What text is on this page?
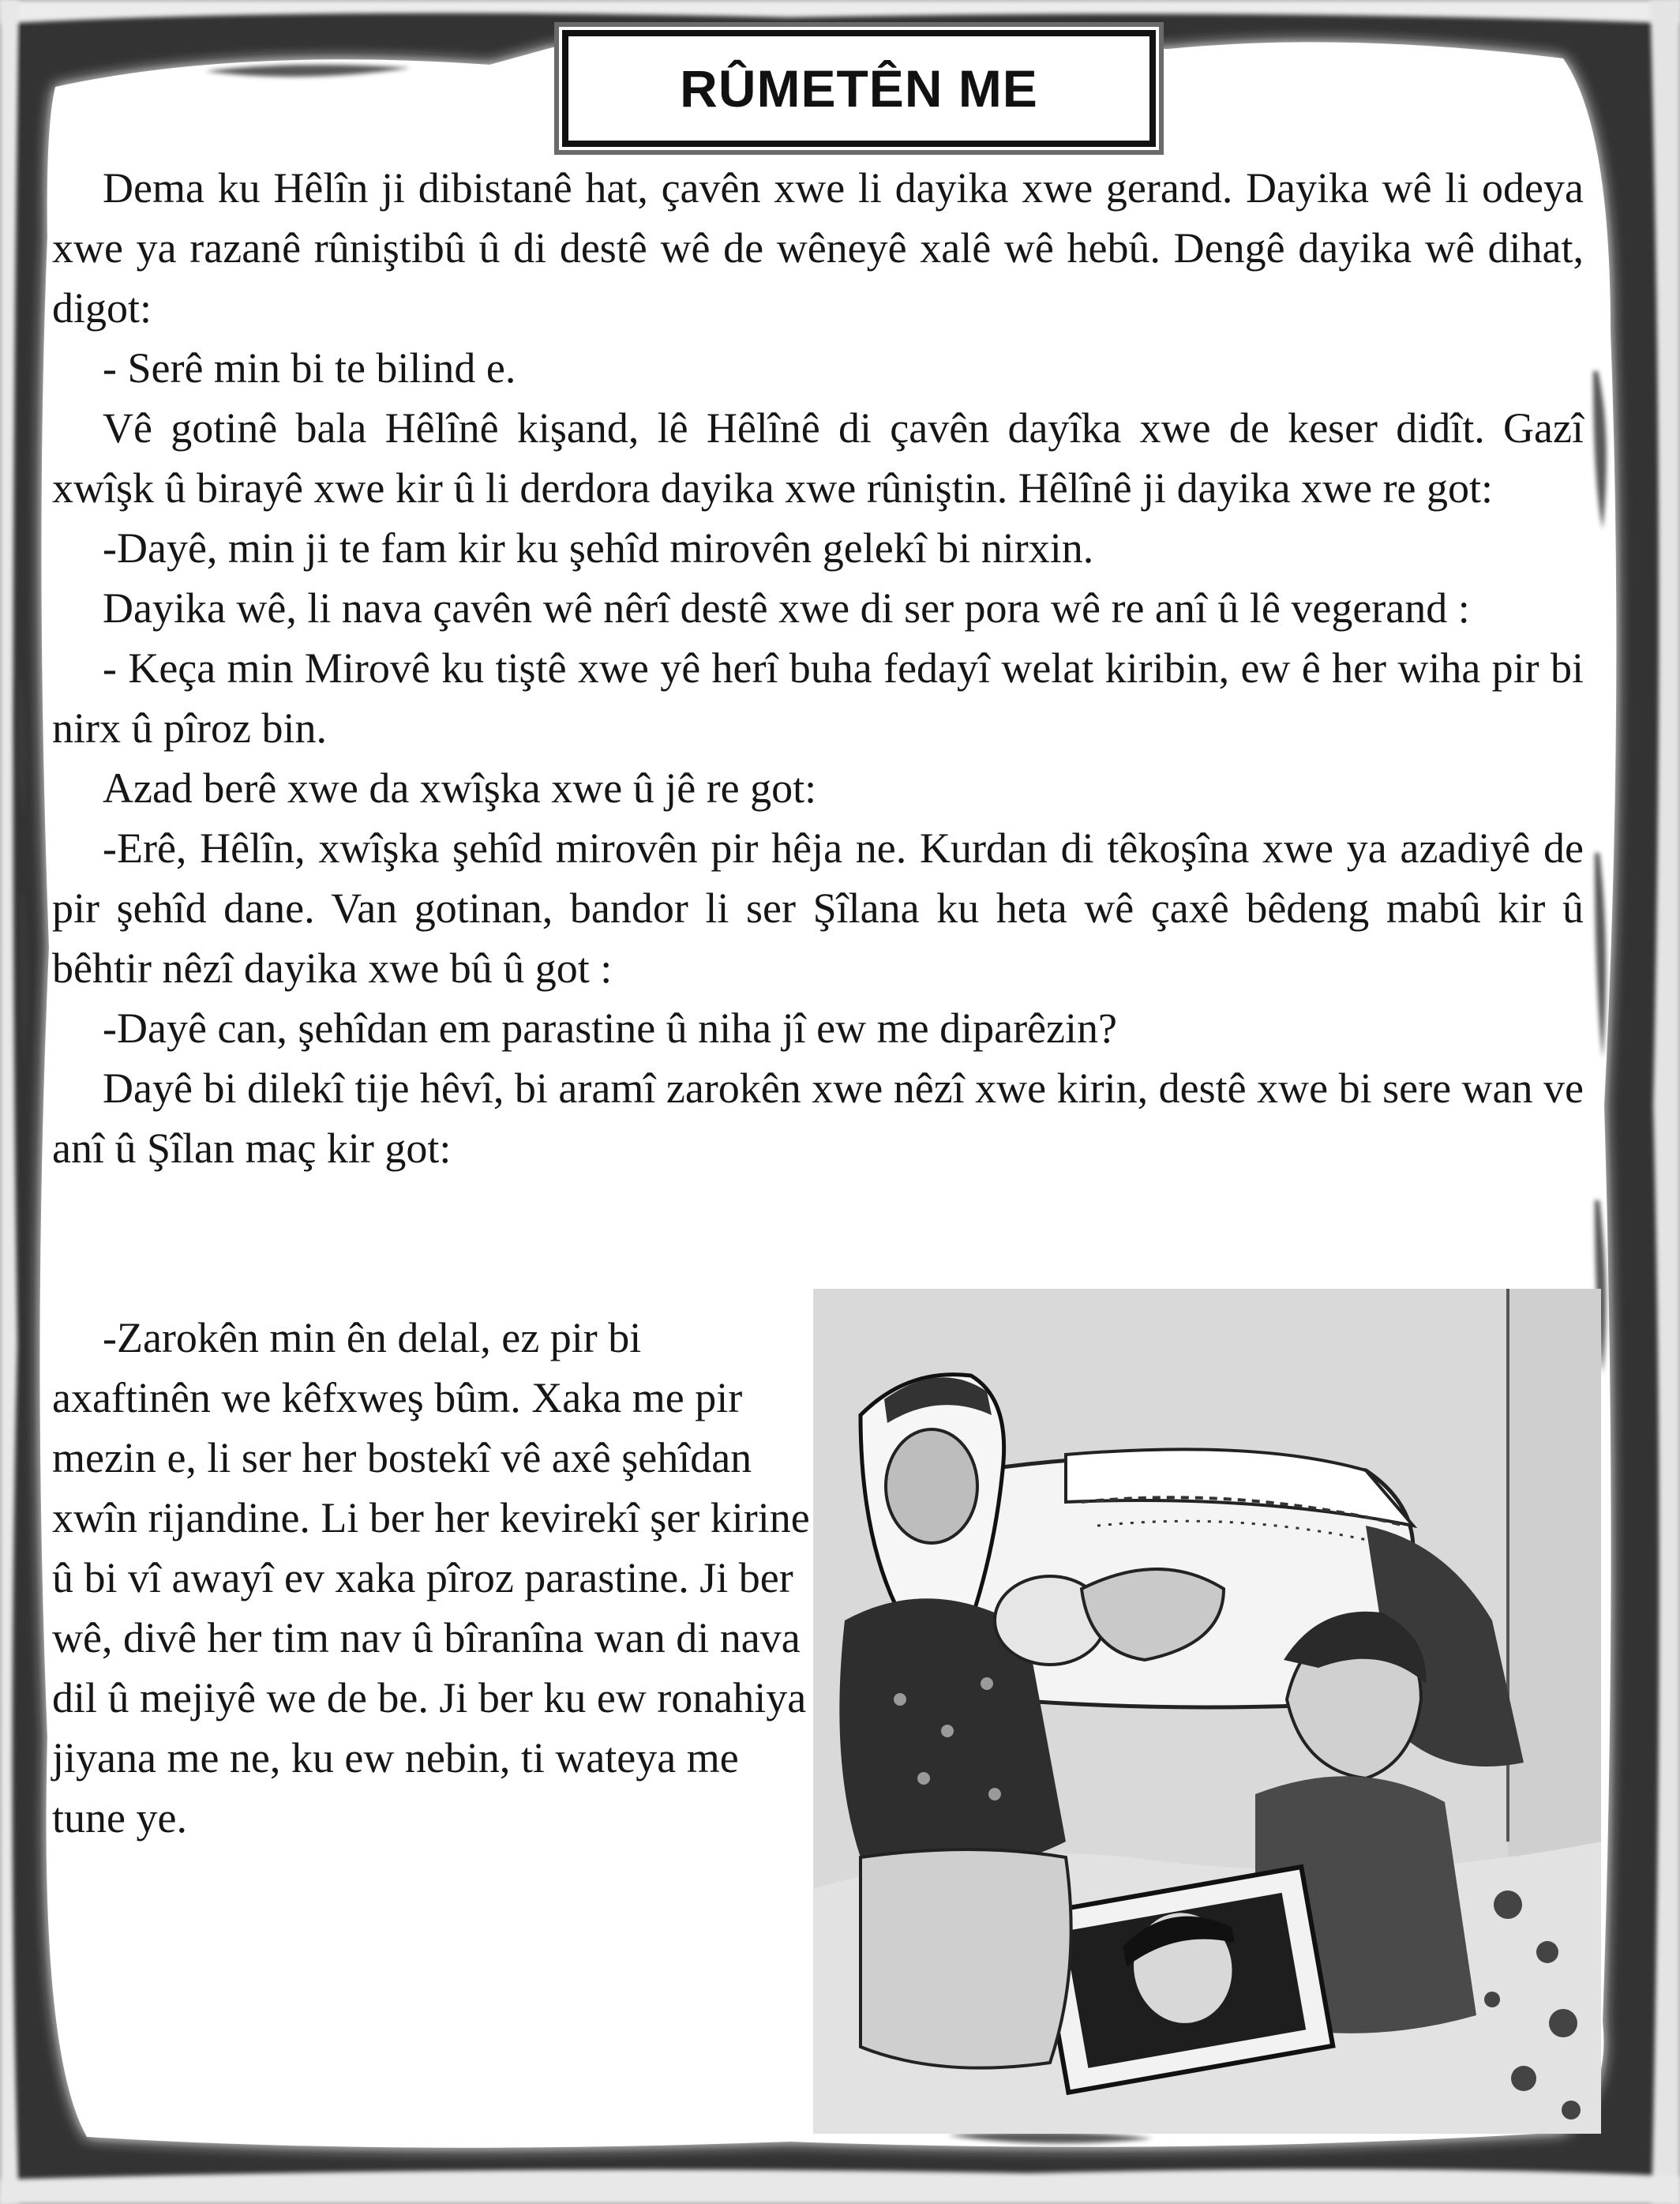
RÛMETÊN ME

Dema ku Hêlîn ji dibistanê hat, çavên xwe li dayika xwe gerand. Dayika wê li odeya xwe ya razanê rûniştibû û di destê wê de wêneyê xalê wê hebû. Dengê dayika wê dihat, digot:

- Serê min bi te bilind e.

Vê gotinê bala Hêlînê kişand, lê Hêlînê di çavên dayîka xwe de keser didît. Gazî xwîşk û birayê xwe kir û li derdora dayika xwe rûniştin. Hêlînê ji dayika xwe re got:

-Dayê, min ji te fam kir ku şehîd mirovên gelekî bi nirxin.

Dayika wê, li nava çavên wê nêrî destê xwe di ser pora wê re anî û lê vegerand :

- Keça min Mirovê ku tiştê xwe yê herî buha fedayî welat kiribin, ew ê her wiha pir bi nirx û pîroz bin.

Azad berê xwe da xwîşka xwe û jê re got:

-Erê, Hêlîn, xwîşka şehîd mirovên pir hêja ne. Kurdan di têkoşîna xwe ya azadiyê de pir şehîd dane. Van gotinan, bandor li ser Şîlana ku heta wê çaxê bêdeng mabû kir û bêhtir nêzî dayika xwe bû û got :

-Dayê can, şehîdan em parastine û niha jî ew me diparêzin?

Dayê bi dilekî tije hêvî, bi aramî zarokên xwe nêzî xwe kirin, destê xwe bi sere wan ve anî û Şîlan maç kir got:

-Zarokên min ên delal, ez pir bi axaftinên we kêfxweş bûm. Xaka me pir mezin e, li ser her bostekî vê axê şehîdan xwîn rijandine. Li ber her kevirekî şer kirine û bi vî awayî ev xaka pîroz parastine. Ji ber wê, divê her tim nav û bîranîna wan di nava dil û mejiyê we de be. Ji ber ku ew ronahiya jiyana me ne, ku ew nebin, ti wateya me tune ye.
